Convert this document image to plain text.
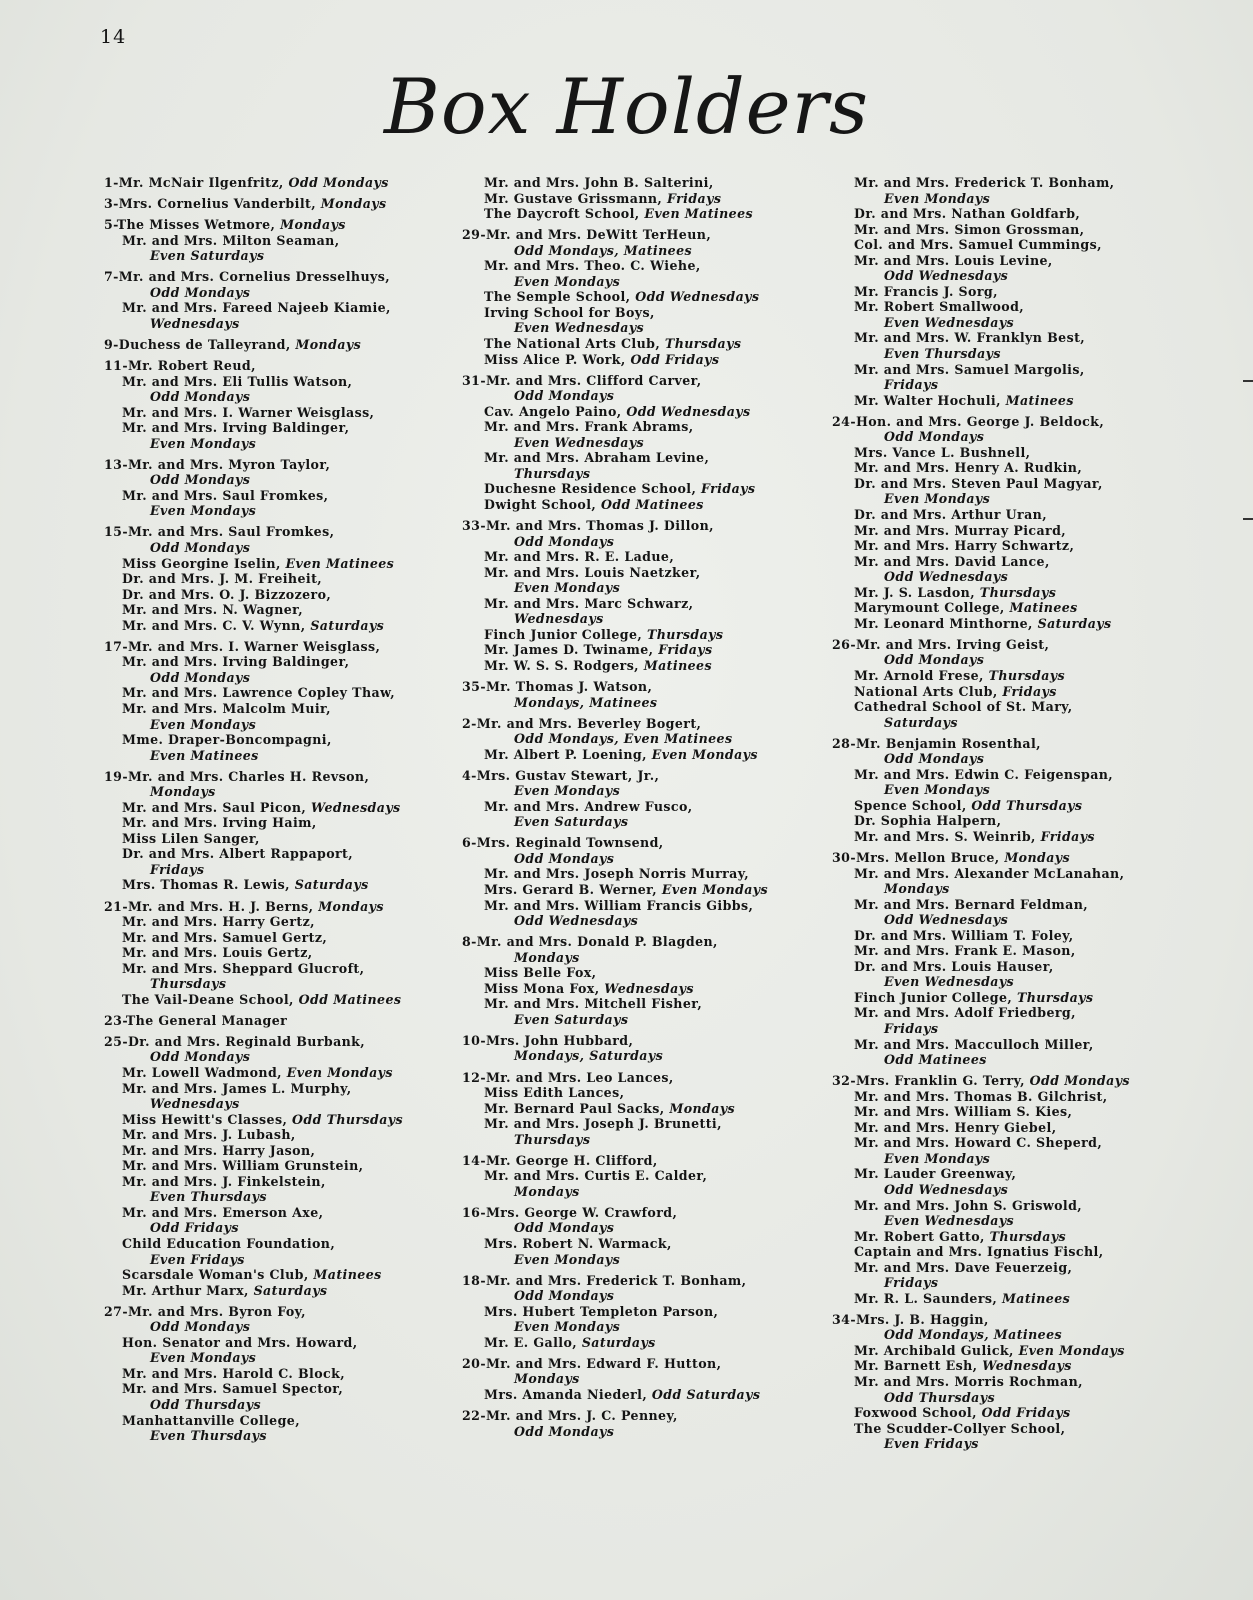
14
Box Holders
1-Mr. McNair Ilgenfritz, Odd Mondays
3-Mrs. Cornelius Vanderbilt, Mondays
5-The Misses Wetmore, Mondays
Mr. and Mrs. Milton Seaman,
Even Saturdays
7-Mr. and Mrs. Cornelius Dresselhuys,
Odd Mondays
Mr. and Mrs. Fareed Najeeb Kiamie,
Wednesdays
9-Duchess de Talleyrand, Mondays
11-Mr. Robert Reud,
Mr. and Mrs. Eli Tullis Watson,
Odd Mondays
Mr. and Mrs. I. Warner Weisglass,
Mr. and Mrs. Irving Baldinger,
Even Mondays
13-Mr. and Mrs. Myron Taylor,
Odd Mondays
Mr. and Mrs. Saul Fromkes,
Even Mondays
15-Mr. and Mrs. Saul Fromkes,
Odd Mondays
Miss Georgine Iselin, Even Matinees
Dr. and Mrs. J. M. Freiheit,
Dr. and Mrs. O. J. Bizzozero,
Mr. and Mrs. N. Wagner,
Mr. and Mrs. C. V. Wynn, Saturdays
17-Mr. and Mrs. I. Warner Weisglass,
Mr. and Mrs. Irving Baldinger,
Odd Mondays
Mr. and Mrs. Lawrence Copley Thaw,
Mr. and Mrs. Malcolm Muir,
Even Mondays
Mme. Draper-Boncompagni,
Even Matinees
19-Mr. and Mrs. Charles H. Revson,
Mondays
Mr. and Mrs. Saul Picon, Wednesdays
Mr. and Mrs. Irving Haim,
Miss Lilen Sanger,
Dr. and Mrs. Albert Rappaport,
Fridays
Mrs. Thomas R. Lewis, Saturdays
21-Mr. and Mrs. H. J. Berns, Mondays
Mr. and Mrs. Harry Gertz,
Mr. and Mrs. Samuel Gertz,
Mr. and Mrs. Louis Gertz,
Mr. and Mrs. Sheppard Glucroft,
Thursdays
The Vail-Deane School, Odd Matinees
23-The General Manager
25-Dr. and Mrs. Reginald Burbank,
Odd Mondays
Mr. Lowell Wadmond, Even Mondays
Mr. and Mrs. James L. Murphy,
Wednesdays
Miss Hewitt's Classes, Odd Thursdays
Mr. and Mrs. J. Lubash,
Mr. and Mrs. Harry Jason,
Mr. and Mrs. William Grunstein,
Mr. and Mrs. J. Finkelstein,
Even Thursdays
Mr. and Mrs. Emerson Axe,
Odd Fridays
Child Education Foundation,
Even Fridays
Scarsdale Woman's Club, Matinees
Mr. Arthur Marx, Saturdays
27-Mr. and Mrs. Byron Foy,
Odd Mondays
Hon. Senator and Mrs. Howard,
Even Mondays
Mr. and Mrs. Harold C. Block,
Mr. and Mrs. Samuel Spector,
Odd Thursdays
Manhattanville College,
Even Thursdays
Mr. and Mrs. John B. Salterini,
Mr. Gustave Grissmann, Fridays
The Daycroft School, Even Matinees
29-Mr. and Mrs. DeWitt TerHeun,
Odd Mondays, Matinees
Mr. and Mrs. Theo. C. Wiehe,
Even Mondays
The Semple School, Odd Wednesdays
Irving School for Boys,
Even Wednesdays
The National Arts Club, Thursdays
Miss Alice P. Work, Odd Fridays
31-Mr. and Mrs. Clifford Carver,
Odd Mondays
Cav. Angelo Paino, Odd Wednesdays
Mr. and Mrs. Frank Abrams,
Even Wednesdays
Mr. and Mrs. Abraham Levine,
Thursdays
Duchesne Residence School, Fridays
Dwight School, Odd Matinees
33-Mr. and Mrs. Thomas J. Dillon,
Odd Mondays
Mr. and Mrs. R. E. Ladue,
Mr. and Mrs. Louis Naetzker,
Even Mondays
Mr. and Mrs. Marc Schwarz,
Wednesdays
Finch Junior College, Thursdays
Mr. James D. Twiname, Fridays
Mr. W. S. S. Rodgers, Matinees
35-Mr. Thomas J. Watson,
Mondays, Matinees
2-Mr. and Mrs. Beverley Bogert,
Odd Mondays, Even Matinees
Mr. Albert P. Loening, Even Mondays
4-Mrs. Gustav Stewart, Jr.,
Even Mondays
Mr. and Mrs. Andrew Fusco,
Even Saturdays
6-Mrs. Reginald Townsend,
Odd Mondays
Mr. and Mrs. Joseph Norris Murray,
Mrs. Gerard B. Werner, Even Mondays
Mr. and Mrs. William Francis Gibbs,
Odd Wednesdays
8-Mr. and Mrs. Donald P. Blagden,
Mondays
Miss Belle Fox,
Miss Mona Fox, Wednesdays
Mr. and Mrs. Mitchell Fisher,
Even Saturdays
10-Mrs. John Hubbard,
Mondays, Saturdays
12-Mr. and Mrs. Leo Lances,
Miss Edith Lances,
Mr. Bernard Paul Sacks, Mondays
Mr. and Mrs. Joseph J. Brunetti,
Thursdays
14-Mr. George H. Clifford,
Mr. and Mrs. Curtis E. Calder,
Mondays
16-Mrs. George W. Crawford,
Odd Mondays
Mrs. Robert N. Warmack,
Even Mondays
18-Mr. and Mrs. Frederick T. Bonham,
Odd Mondays
Mrs. Hubert Templeton Parson,
Even Mondays
Mr. E. Gallo, Saturdays
20-Mr. and Mrs. Edward F. Hutton,
Mondays
Mrs. Amanda Niederl, Odd Saturdays
22-Mr. and Mrs. J. C. Penney,
Odd Mondays
Mr. and Mrs. Frederick T. Bonham,
Even Mondays
Dr. and Mrs. Nathan Goldfarb,
Mr. and Mrs. Simon Grossman,
Col. and Mrs. Samuel Cummings,
Mr. and Mrs. Louis Levine,
Odd Wednesdays
Mr. Francis J. Sorg,
Mr. Robert Smallwood,
Even Wednesdays
Mr. and Mrs. W. Franklyn Best,
Even Thursdays
Mr. and Mrs. Samuel Margolis,
Fridays
Mr. Walter Hochuli, Matinees
24-Hon. and Mrs. George J. Beldock,
Odd Mondays
Mrs. Vance L. Bushnell,
Mr. and Mrs. Henry A. Rudkin,
Dr. and Mrs. Steven Paul Magyar,
Even Mondays
Dr. and Mrs. Arthur Uran,
Mr. and Mrs. Murray Picard,
Mr. and Mrs. Harry Schwartz,
Mr. and Mrs. David Lance,
Odd Wednesdays
Mr. J. S. Lasdon, Thursdays
Marymount College, Matinees
Mr. Leonard Minthorne, Saturdays
26-Mr. and Mrs. Irving Geist,
Odd Mondays
Mr. Arnold Frese, Thursdays
National Arts Club, Fridays
Cathedral School of St. Mary,
Saturdays
28-Mr. Benjamin Rosenthal,
Odd Mondays
Mr. and Mrs. Edwin C. Feigenspan,
Even Mondays
Spence School, Odd Thursdays
Dr. Sophia Halpern,
Mr. and Mrs. S. Weinrib, Fridays
30-Mrs. Mellon Bruce, Mondays
Mr. and Mrs. Alexander McLanahan,
Mondays
Mr. and Mrs. Bernard Feldman,
Odd Wednesdays
Dr. and Mrs. William T. Foley,
Mr. and Mrs. Frank E. Mason,
Dr. and Mrs. Louis Hauser,
Even Wednesdays
Finch Junior College, Thursdays
Mr. and Mrs. Adolf Friedberg,
Fridays
Mr. and Mrs. Macculloch Miller,
Odd Matinees
32-Mrs. Franklin G. Terry, Odd Mondays
Mr. and Mrs. Thomas B. Gilchrist,
Mr. and Mrs. William S. Kies,
Mr. and Mrs. Henry Giebel,
Mr. and Mrs. Howard C. Sheperd,
Even Mondays
Mr. Lauder Greenway,
Odd Wednesdays
Mr. and Mrs. John S. Griswold,
Even Wednesdays
Mr. Robert Gatto, Thursdays
Captain and Mrs. Ignatius Fischl,
Mr. and Mrs. Dave Feuerzeig,
Fridays
Mr. R. L. Saunders, Matinees
34-Mrs. J. B. Haggin,
Odd Mondays, Matinees
Mr. Archibald Gulick, Even Mondays
Mr. Barnett Esh, Wednesdays
Mr. and Mrs. Morris Rochman,
Odd Thursdays
Foxwood School, Odd Fridays
The Scudder-Collyer School,
Even Fridays
